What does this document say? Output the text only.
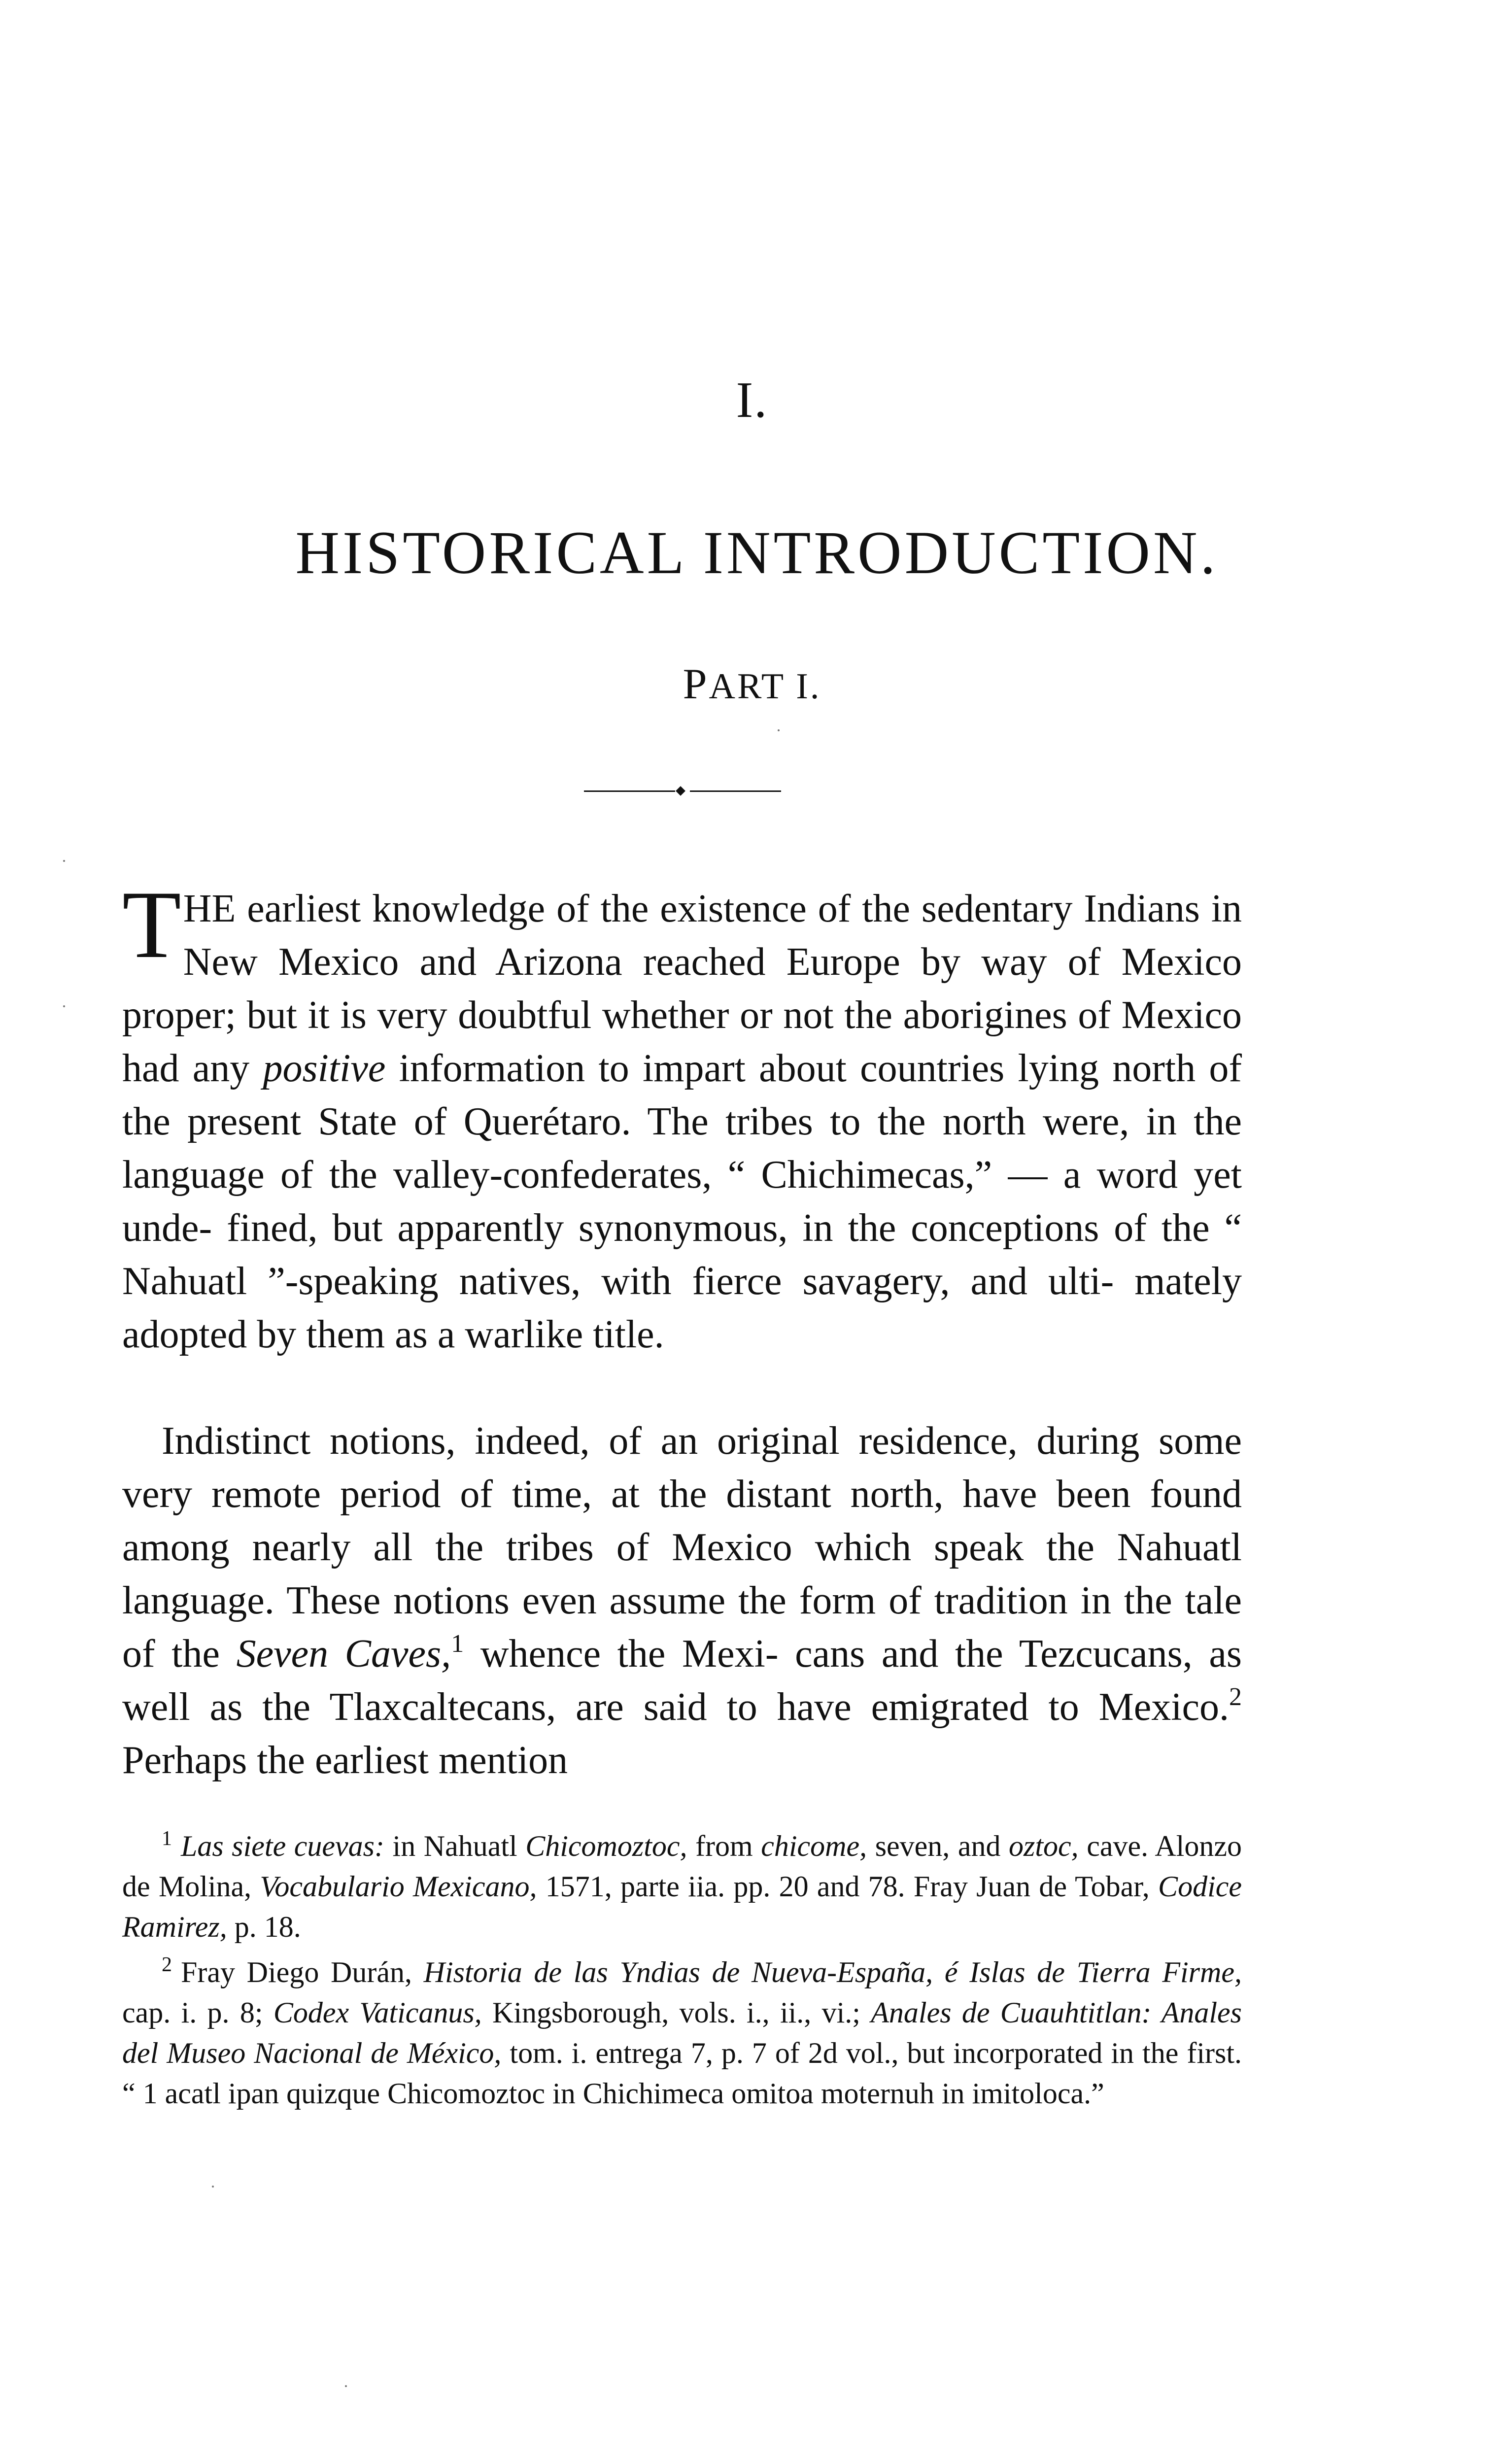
I.
HISTORICAL INTRODUCTION.
PART I.

THE earliest knowledge of the existence of the sedentary Indians in New Mexico and Arizona reached Europe by way of Mexico proper; but it is very doubtful whether or not the aborigines of Mexico had any positive information to impart about countries lying north of the present State of Querétaro. The tribes to the north were, in the language of the valley-confederates, “ Chichimecas,” — a word yet unde- fined, but apparently synonymous, in the conceptions of the “ Nahuatl ”-speaking natives, with fierce savagery, and ulti- mately adopted by them as a warlike title.

Indistinct notions, indeed, of an original residence, during some very remote period of time, at the distant north, have been found among nearly all the tribes of Mexico which speak the Nahuatl language. These notions even assume the form of tradition in the tale of the Seven Caves,$^1$ whence the Mexi- cans and the Tezcucans, as well as the Tlaxcaltecans, are said to have emigrated to Mexico.$^2$ Perhaps the earliest mention

$^1$ Las siete cuevas: in Nahuatl Chicomoztoc, from chicome, seven, and oztoc, cave. Alonzo de Molina, Vocabulario Mexicano, 1571, parte iia. pp. 20 and 78. Fray Juan de Tobar, Codice Ramirez, p. 18.

$^2$ Fray Diego Durán, Historia de las Yndias de Nueva-España, é Islas de Tierra Firme, cap. i. p. 8; Codex Vaticanus, Kingsborough, vols. i., ii., vi.; Anales de Cuauhtitlan: Anales del Museo Nacional de México, tom. i. entrega 7, p. 7 of 2d vol., but incorporated in the first. “ 1 acatl ipan quizque Chicomoztoc in Chichimeca omitoa moternuh in imitoloca.”
